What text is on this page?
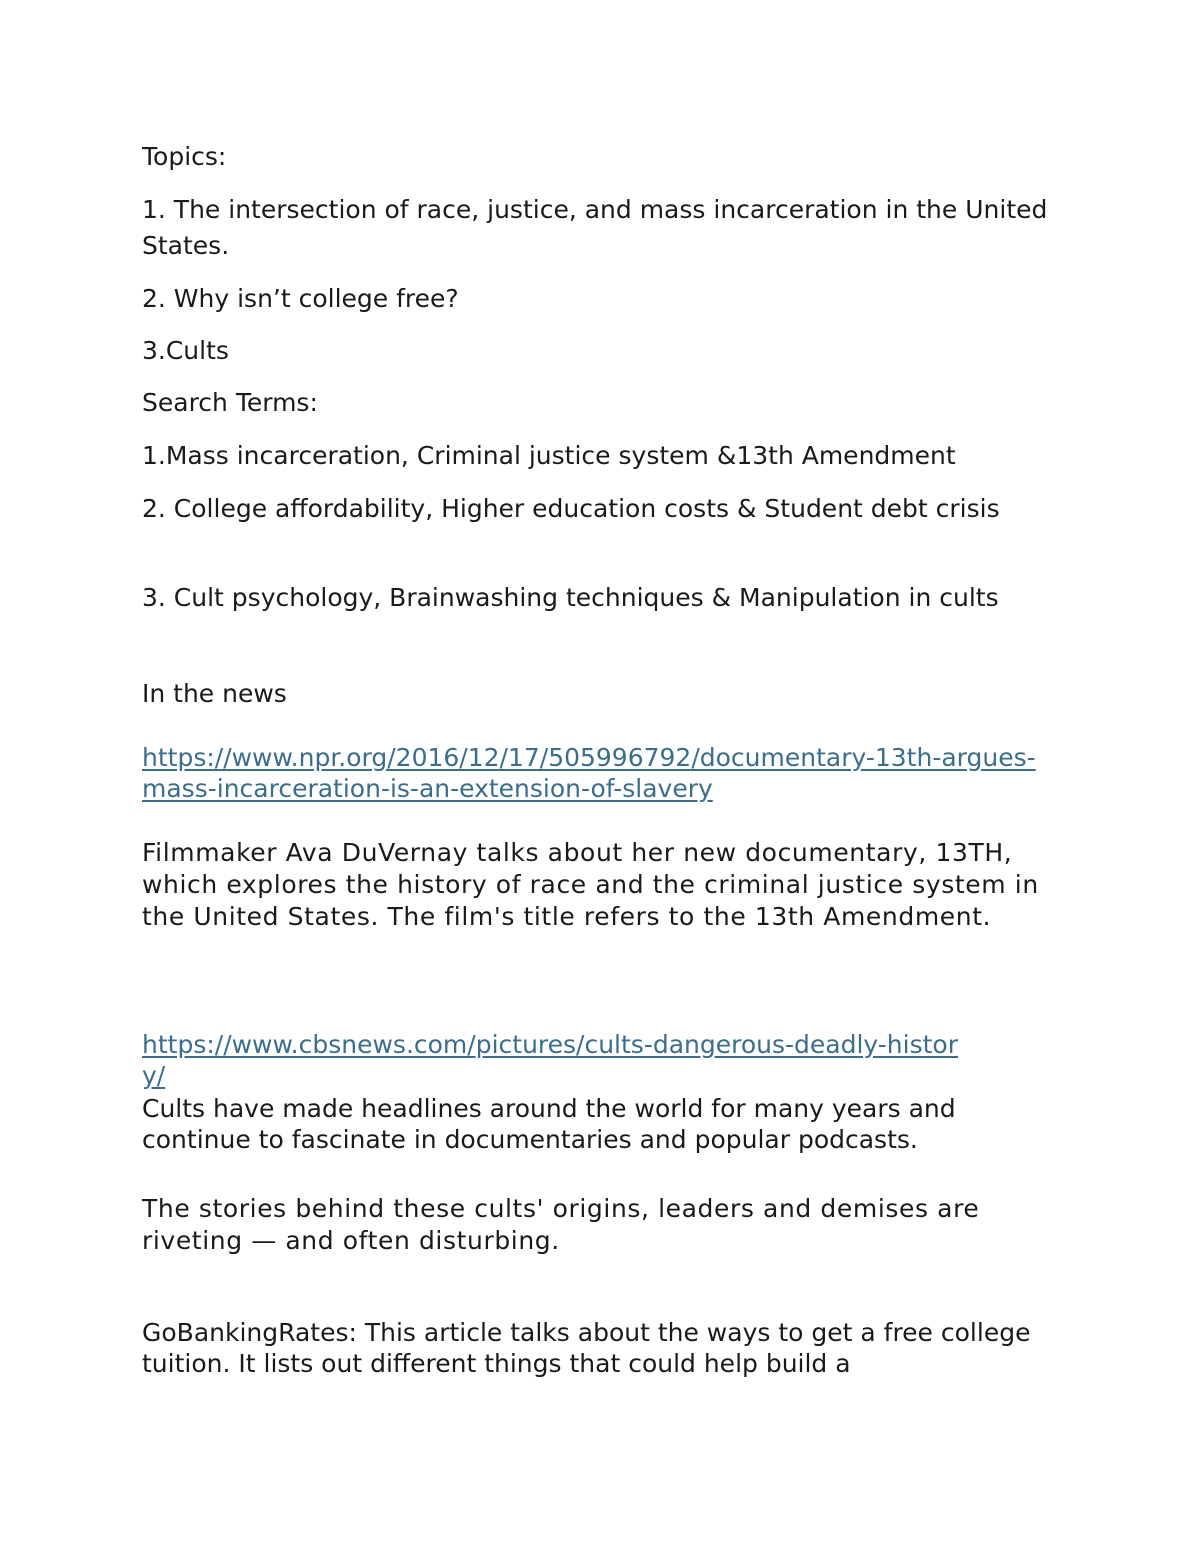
Topics:

1. The intersection of race, justice, and mass incarceration in the United States.

2. Why isn’t college free?

3.Cults

Search Terms:

1.Mass incarceration, Criminal justice system &13th Amendment

2. College affordability, Higher education costs & Student debt crisis

3. Cult psychology, Brainwashing techniques & Manipulation in cults

In the news

https://www.npr.org/2016/12/17/505996792/documentary-13th-argues-mass-incarceration-is-an-extension-of-slavery

Filmmaker Ava DuVernay talks about her new documentary, 13TH, which explores the history of race and the criminal justice system in the United States. The film's title refers to the 13th Amendment.

https://www.cbsnews.com/pictures/cults-dangerous-deadly-history/

Cults have made headlines around the world for many years and continue to fascinate in documentaries and popular podcasts.

The stories behind these cults' origins, leaders and demises are riveting — and often disturbing.

GoBankingRates: This article talks about the ways to get a free college tuition. It lists out different things that could help build a
